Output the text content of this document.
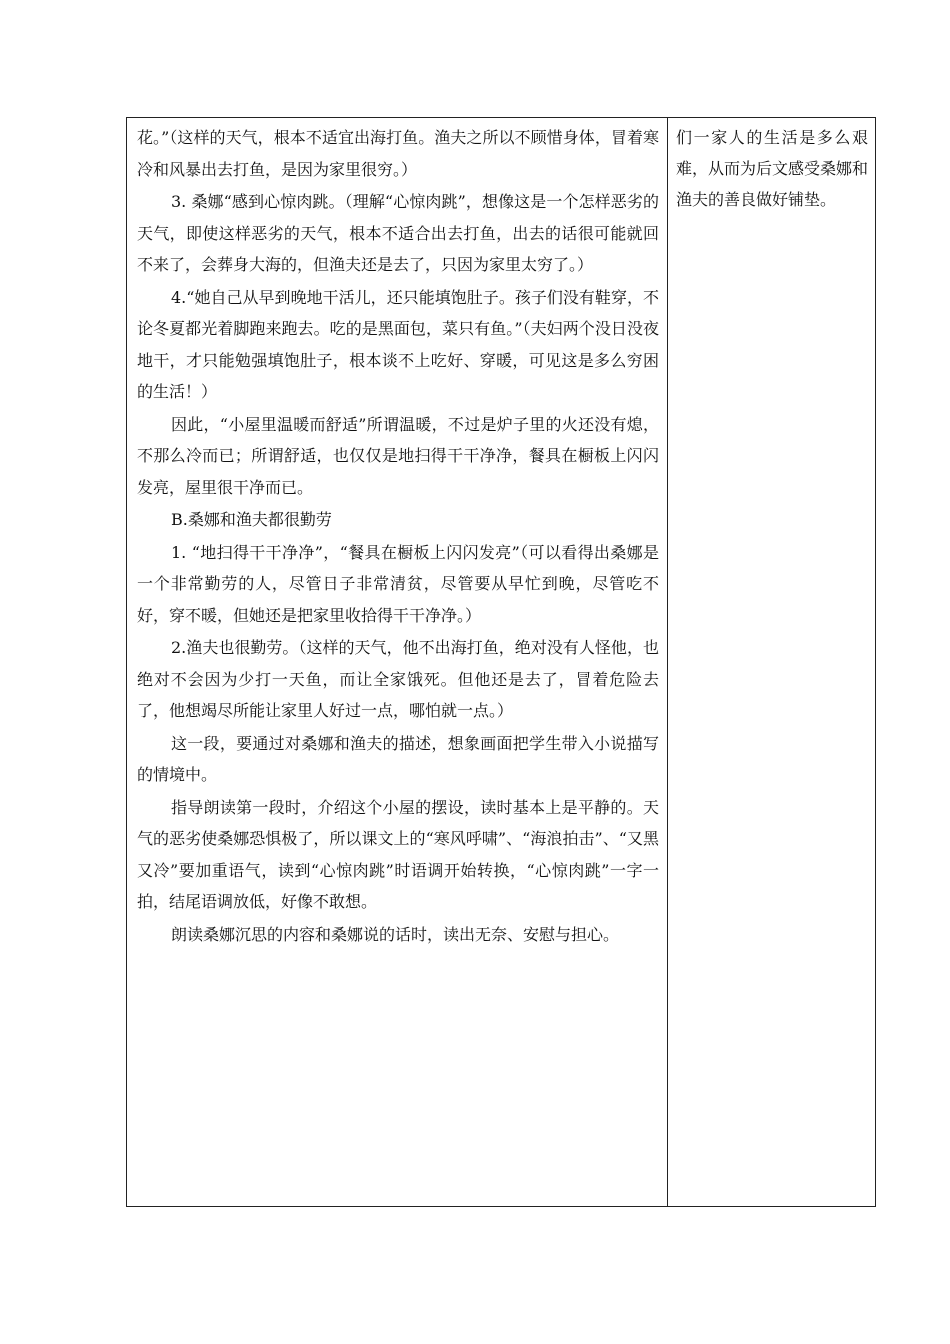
花。”（这样的天气，根本不适宜出海打鱼。渔夫之所以不顾惜身体，冒着寒冷和风暴出去打鱼，是因为家里很穷。）

3. 桑娜“感到心惊肉跳。（理解“心惊肉跳”，想像这是一个怎样恶劣的天气，即使这样恶劣的天气，根本不适合出去打鱼，出去的话很可能就回不来了，会葬身大海的，但渔夫还是去了，只因为家里太穷了。）

4.“她自己从早到晚地干活儿，还只能填饱肚子。孩子们没有鞋穿，不论冬夏都光着脚跑来跑去。吃的是黑面包，菜只有鱼。”（夫妇两个没日没夜地干，才只能勉强填饱肚子，根本谈不上吃好、穿暖，可见这是多么穷困的生活！）

因此，“小屋里温暖而舒适”所谓温暖，不过是炉子里的火还没有熄，不那么冷而已；所谓舒适，也仅仅是地扫得干干净净，餐具在橱板上闪闪发亮，屋里很干净而已。

B.桑娜和渔夫都很勤劳

1. “地扫得干干净净”，“餐具在橱板上闪闪发亮”（可以看得出桑娜是一个非常勤劳的人，尽管日子非常清贫，尽管要从早忙到晚，尽管吃不好，穿不暖，但她还是把家里收拾得干干净净。）

2.渔夫也很勤劳。（这样的天气，他不出海打鱼，绝对没有人怪他，也绝对不会因为少打一天鱼，而让全家饿死。但他还是去了，冒着危险去了，他想竭尽所能让家里人好过一点，哪怕就一点。）

这一段，要通过对桑娜和渔夫的描述，想象画面把学生带入小说描写的情境中。

指导朗读第一段时，介绍这个小屋的摆设，读时基本上是平静的。天气的恶劣使桑娜恐惧极了，所以课文上的“寒风呼啸”、“海浪拍击”、“又黑又冷”要加重语气，读到“心惊肉跳”时语调开始转换，“心惊肉跳”一字一拍，结尾语调放低，好像不敢想。

朗读桑娜沉思的内容和桑娜说的话时，读出无奈、安慰与担心。

们一家人的生活是多么艰难，从而为后文感受桑娜和渔夫的善良做好铺垫。
